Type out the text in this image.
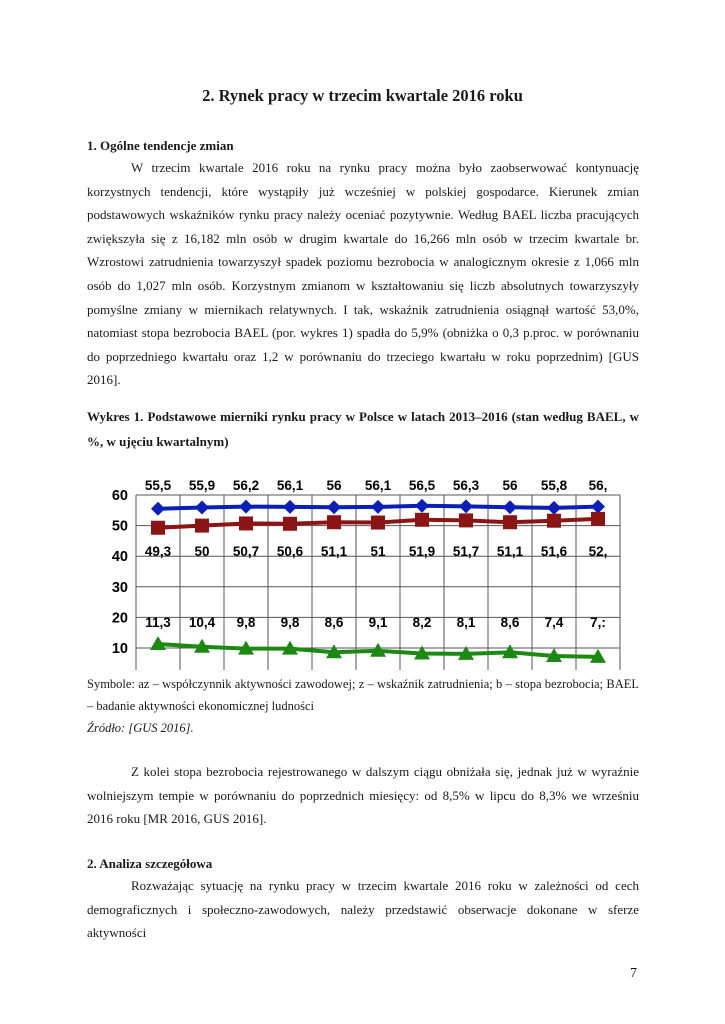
2. Rynek pracy w trzecim kwartale 2016 roku
1. Ogólne tendencje zmian
W trzecim kwartale 2016 roku na rynku pracy można było zaobserwować kontynuację korzystnych tendencji, które wystąpiły już wcześniej w polskiej gospodarce. Kierunek zmian podstawowych wskaźników rynku pracy należy oceniać pozytywnie. Według BAEL liczba pracujących zwiększyła się z 16,182 mln osób w drugim kwartale do 16,266 mln osób w trzecim kwartale br. Wzrostowi zatrudnienia towarzyszył spadek poziomu bezrobocia w analogicznym okresie z 1,066 mln osób do 1,027 mln osób. Korzystnym zmianom w kształtowaniu się liczb absolutnych towarzyszyły pomyślne zmiany w miernikach relatywnych. I tak, wskaźnik zatrudnienia osiągnął wartość 53,0%, natomiast stopa bezrobocia BAEL (por. wykres 1) spadła do 5,9% (obniżka o 0,3 p.proc. w porównaniu do poprzedniego kwartału oraz 1,2 w porównaniu do trzeciego kwartału w roku poprzednim) [GUS 2016].
Wykres 1. Podstawowe mierniki rynku pracy w Polsce w latach 2013–2016 (stan według BAEL, w %, w ujęciu kwartalnym)
60
50
40
30
20
10
55,5 55,9 56,2 56,1 56 56,1 56,5 56,3 56 55,8 56,
49,3 50 50,7 50,6 51,1 51 51,9 51,7 51,1 51,6 52,
11,3 10,4 9,8 9,8 8,6 9,1 8,2 8,1 8,6 7,4 7,:
Symbole: az – współczynnik aktywności zawodowej; z – wskaźnik zatrudnienia; b – stopa bezrobocia; BAEL – badanie aktywności ekonomicznej ludności
Źródło: [GUS 2016].
Z kolei stopa bezrobocia rejestrowanego w dalszym ciągu obniżała się, jednak już w wyraźnie wolniejszym tempie w porównaniu do poprzednich miesięcy: od 8,5% w lipcu do 8,3% we wrześniu 2016 roku [MR 2016, GUS 2016].
2. Analiza szczegółowa
Rozważając sytuację na rynku pracy w trzecim kwartale 2016 roku w zależności od cech demograficznych i społeczno-zawodowych, należy przedstawić obserwacje dokonane w sferze aktywności
7
